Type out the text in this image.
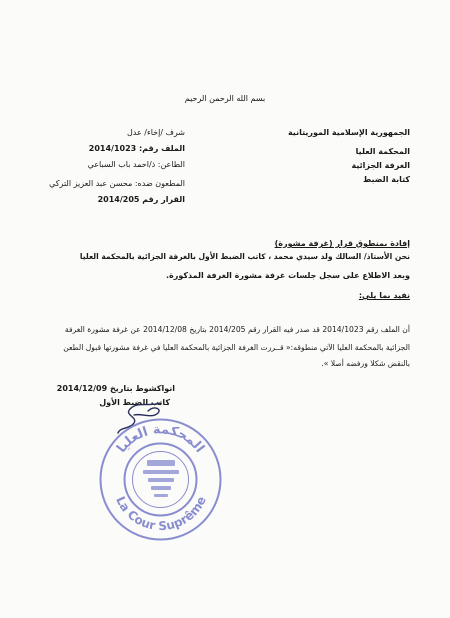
بسم الله الرحمن الرحيم
الجمهورية الإسلامية الموريتانية
المحكمة العليا
الغرفة الجزائية
كتابة الضبط
شرف /إخاء/ عدل
الملف رقم: 2014/1023
الطاعن: ذ/احمد باب السباعي
المطعون ضده: محسن عبد العزيز التركي
القرار رقم 2014/205
إفادة بمنطوق قرار (غرفة مشورة)
نحن الأستاذ/ السالك ولد سيدي محمد ، كاتب الضبط الأول بالغرفة الجزائية بالمحكمة العليا
وبعد الاطلاع على سجل جلسات غرفة مشورة الغرفة المذكورة.
نفيد بما يلي:
أن الملف رقم 2014/1023 قد صدر فيه القرار رقم 2014/205 بتاريخ 2014/12/08 عن غرفة مشورة الغرفة
الجزائية بالمحكمة العليا الآتي منطوقه:« قــررت الغرفة الجزائية بالمحكمة العليا في غرفة مشورتها قبول الطعن
بالنقض شكلا ورفضه أصلا ».
انواكشوط بتاريخ 2014/12/09
كاتب الضبط الأول
المحكمة العليا
La Cour Suprême
